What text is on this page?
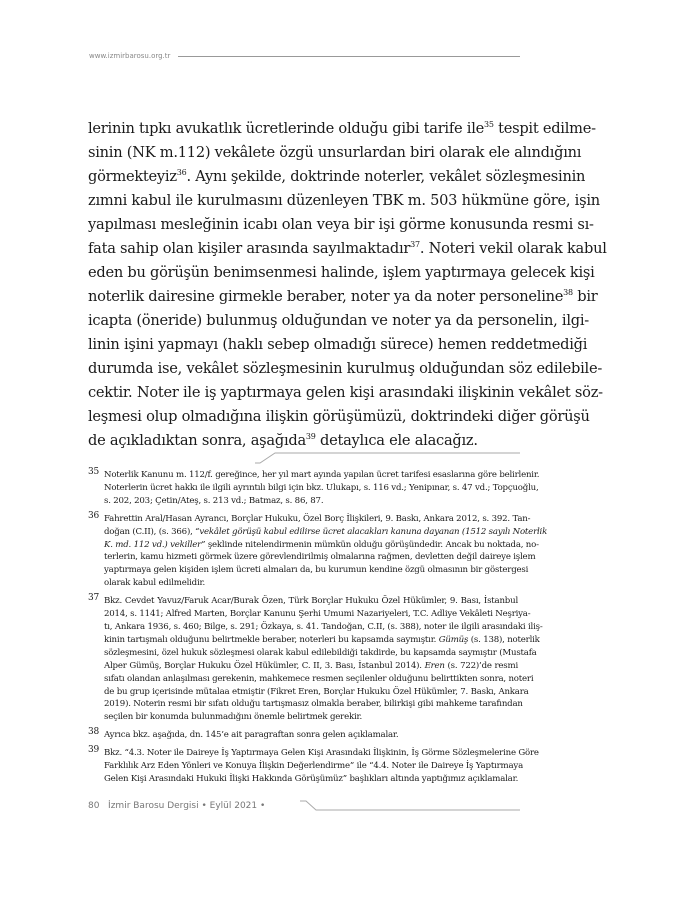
www.izmirbarosu.org.tr
lerinin tıpkı avukatlık ücretlerinde olduğu gibi tarife ile$^{35}$ tespit edilme-
sinin (NK m.112) vekâlete özgü unsurlardan biri olarak ele alındığını
görmekteyiz$^{36}$. Aynı şekilde, doktrinde noterler, vekâlet sözleşmesinin
zımni kabul ile kurulmasını düzenleyen TBK m. 503 hükmüne göre, işin
yapılması mesleğinin icabı olan veya bir işi görme konusunda resmi sı-
fata sahip olan kişiler arasında sayılmaktadır$^{37}$. Noteri vekil olarak kabul
eden bu görüşün benimsenmesi halinde, işlem yaptırmaya gelecek kişi
noterlik dairesine girmekle beraber, noter ya da noter personeline$^{38}$ bir
icapta (öneride) bulunmuş olduğundan ve noter ya da personelin, ilgi-
linin işini yapmayı (haklı sebep olmadığı sürece) hemen reddetmediği
durumda ise, vekâlet sözleşmesinin kurulmuş olduğundan söz edilebile-
cektir. Noter ile iş yaptırmaya gelen kişi arasındaki ilişkinin vekâlet söz-
leşmesi olup olmadığına ilişkin görüşümüzü, doktrindeki diğer görüşü
de açıkladıktan sonra, aşağıda$^{39}$ detaylıca ele alacağız.
35 Noterlik Kanunu m. 112/f. gereğince, her yıl mart ayında yapılan ücret tarifesi esaslarına göre belirlenir.
Noterlerin ücret hakkı ile ilgili ayrıntılı bilgi için bkz. Ulukapı, s. 116 vd.; Yenipınar, s. 47 vd.; Topçuoğlu,
s. 202, 203; Çetin/Ateş, s. 213 vd.; Batmaz, s. 86, 87.
36 Fahrettin Aral/Hasan Ayrancı, Borçlar Hukuku, Özel Borç İlişkileri, 9. Baskı, Ankara 2012, s. 392. Tan-
doğan (C.II), (s. 366), “vekâlet görüşü kabul edilirse ücret alacakları kanuna dayanan (1512 sayılı Noterlik
K. md. 112 vd.) vekiller” şeklinde nitelendirmenin mümkün olduğu görüşündedir. Ancak bu noktada, no-
terlerin, kamu hizmeti görmek üzere görevlendirilmiş olmalarına rağmen, devletten değil daireye işlem
yaptırmaya gelen kişiden işlem ücreti almaları da, bu kurumun kendine özgü olmasının bir göstergesi
olarak kabul edilmelidir.
37 Bkz. Cevdet Yavuz/Faruk Acar/Burak Özen, Türk Borçlar Hukuku Özel Hükümler, 9. Bası, İstanbul
2014, s. 1141; Alfred Marten, Borçlar Kanunu Şerhi Umumi Nazariyeleri, T.C. Adliye Vekâleti Neşriya-
tı, Ankara 1936, s. 460; Bilge, s. 291; Özkaya, s. 41. Tandoğan, C.II, (s. 388), noter ile ilgili arasındaki iliş-
kinin tartışmalı olduğunu belirtmekle beraber, noterleri bu kapsamda saymıştır. Gümüş (s. 138), noterlik
sözleşmesini, özel hukuk sözleşmesi olarak kabul edilebildiği takdirde, bu kapsamda saymıştır (Mustafa
Alper Gümüş, Borçlar Hukuku Özel Hükümler, C. II, 3. Bası, İstanbul 2014). Eren (s. 722)’de resmi
sıfatı olandan anlaşılması gerekenin, mahkemece resmen seçilenler olduğunu belirttikten sonra, noteri
de bu grup içerisinde mütalaa etmiştir (Fikret Eren, Borçlar Hukuku Özel Hükümler, 7. Baskı, Ankara
2019). Noterin resmi bir sıfatı olduğu tartışmasız olmakla beraber, bilirkişi gibi mahkeme tarafından
seçilen bir konumda bulunmadığını önemle belirtmek gerekir.
38 Ayrıca bkz. aşağıda, dn. 145’e ait paragraftan sonra gelen açıklamalar.
39 Bkz. “4.3. Noter ile Daireye İş Yaptırmaya Gelen Kişi Arasındaki İlişkinin, İş Görme Sözleşmelerine Göre
Farklılık Arz Eden Yönleri ve Konuya İlişkin Değerlendirme” ile “4.4. Noter ile Daireye İş Yaptırmaya
Gelen Kişi Arasındaki Hukuki İlişki Hakkında Görüşümüz” başlıkları altında yaptığımız açıklamalar.
80 İzmir Barosu Dergisi • Eylül 2021 •
